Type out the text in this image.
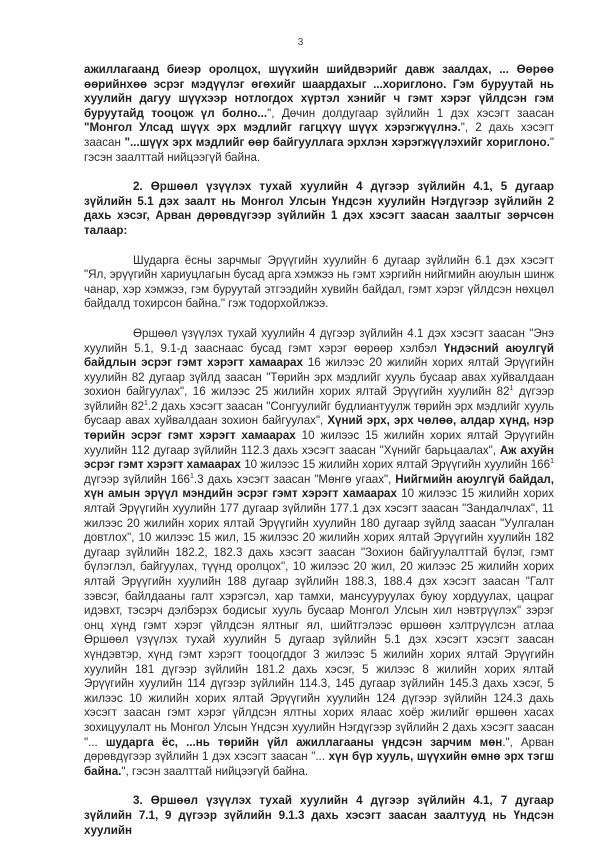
3

ажиллагаанд биеэр оролцох, шүүхийн шийдвэрийг давж заалдах, ... Өөрөө өөрийнхөө эсрэг мэдүүлэг өгөхийг шаардахыг ...хориглоно. Гэм буруутай нь хуулийн дагуу шүүхээр нотлогдох хүртэл хэнийг ч гэмт хэрэг үйлдсэн гэм буруутайд тооцож үл болно...", Дөчин долдугаар зүйлийн 1 дэх хэсэгт заасан "Монгол Улсад шүүх эрх мэдлийг гагцхүү шүүх хэрэгжүүлнэ.", 2 дахь хэсэгт заасан "...шүүх эрх мэдлийг өөр байгууллага эрхлэн хэрэгжүүлэхийг хориглоно." гэсэн заалттай нийцээгүй байна.

2. Өршөөл үзүүлэх тухай хуулийн 4 дүгээр зүйлийн 4.1, 5 дугаар зүйлийн 5.1 дэх заалт нь Монгол Улсын Үндсэн хуулийн Нэгдүгээр зүйлийн 2 дахь хэсэг, Арван дөрөвдүгээр зүйлийн 1 дэх хэсэгт заасан заалтыг зөрчсөн талаар:

Шударга ёсны зарчмыг Эрүүгийн хуулийн 6 дугаар зүйлийн 6.1 дэх хэсэгт "Ял, эрүүгийн хариуцлагын бусад арга хэмжээ нь гэмт хэргийн нийгмийн аюулын шинж чанар, хэр хэмжээ, гэм буруутай этгээдийн хувийн байдал, гэмт хэрэг үйлдсэн нөхцөл байдалд тохирсон байна." гэж тодорхойлжээ.

Өршөөл үзүүлэх тухай хуулийн 4 дүгээр зүйлийн 4.1 дэх хэсэгт заасан "Энэ хуулийн 5.1, 9.1-д зааснаас бусад гэмт хэрэг өөрөөр хэлбэл Үндэсний аюулгүй байдлын эсрэг гэмт хэрэгт хамаарах 16 жилээс 20 жилийн хорих ялтай Эрүүгийн хуулийн 82 дугаар зүйлд заасан "Төрийн эрх мэдлийг хууль бусаар авах хуйвалдаан зохион байгуулах", 16 жилээс 25 жилийн хорих ялтай Эрүүгийн хуулийн $82^1$ дүгээр зүйлийн $82^1.2$ дахь хэсэгт заасан "Сонгуулийг будлиантуулж төрийн эрх мэдлийг хууль бусаар авах хуйвалдаан зохион байгуулах", Хүний эрх, эрх чөлөө, алдар хүнд, нэр төрийн эсрэг гэмт хэрэгт хамаарах 10 жилээс 15 жилийн хорих ялтай Эрүүгийн хуулийн 112 дугаар зүйлийн 112.3 дахь хэсэгт заасан "Хүнийг барьцаалах", Аж ахуйн эсрэг гэмт хэрэгт хамаарах 10 жилээс 15 жилийн хорих ялтай Эрүүгийн хуулийн $166^1$ дүгээр зүйлийн $166^1.3$ дахь хэсэгт заасан "Мөнгө угаах", Нийгмийн аюулгүй байдал, хүн амын эрүүл мэндийн эсрэг гэмт хэрэгт хамаарах 10 жилээс 15 жилийн хорих ялтай Эрүүгийн хуулийн 177 дугаар зүйлийн 177.1 дэх хэсэгт заасан "Зандалчлах", 11 жилээс 20 жилийн хорих ялтай Эрүүгийн хуулийн 180 дугаар зүйлд заасан "Уулгалан довтлох", 10 жилээс 15 жил, 15 жилээс 20 жилийн хорих ялтай Эрүүгийн хуулийн 182 дугаар зүйлийн 182.2, 182.3 дахь хэсэгт заасан "Зохион байгуулалттай бүлэг, гэмт бүлэглэл, байгуулах, түүнд оролцох", 10 жилээс 20 жил, 20 жилээс 25 жилийн хорих ялтай Эрүүгийн хуулийн 188 дугаар зүйлийн 188.3, 188.4 дэх хэсэгт заасан "Галт зэвсэг, байлдааны галт хэрэгсэл, хар тамхи, мансууруулах буюу хордуулах, цацраг идэвхт, тэсэрч дэлбэрэх бодисыг хууль бусаар Монгол Улсын хил нэвтрүүлэх" зэрэг онц хүнд гэмт хэрэг үйлдсэн ялтныг ял, шийтгэлээс өршөөн хэлтрүүлсэн атлаа Өршөөл үзүүлэх тухай хуулийн 5 дугаар зүйлийн 5.1 дэх хэсэгт хэсэгт заасан хүндэвтэр, хүнд гэмт хэрэгт тооцогддог 3 жилээс 5 жилийн хорих ялтай Эрүүгийн хуулийн 181 дүгээр зүйлийн 181.2 дахь хэсэг, 5 жилээс 8 жилийн хорих ялтай Эрүүгийн хуулийн 114 дүгээр зүйлийн 114.3, 145 дугаар зүйлийн 145.3 дахь хэсэг, 5 жилээс 10 жилийн хорих ялтай Эрүүгийн хуулийн 124 дүгээр зүйлийн 124.3 дахь хэсэгт заасан гэмт хэрэг үйлдсэн ялтны хорих ялаас хоёр жилийг өршөөн хасах зохицуулалт нь Монгол Улсын Үндсэн хуулийн Нэгдүгээр зүйлийн 2 дахь хэсэгт заасан "... шударга ёс, ...нь төрийн үйл ажиллагааны үндсэн зарчим мөн.", Арван дөрөвдүгээр зүйлийн 1 дэх хэсэгт заасан "... хүн бүр хууль, шүүхийн өмнө эрх тэгш байна.", гэсэн заалттай нийцээгүй байна.

3. Өршөөл үзүүлэх тухай хуулийн 4 дүгээр зүйлийн 4.1, 7 дугаар зүйлийн 7.1, 9 дүгээр зүйлийн 9.1.3 дахь хэсэгт заасан заалтууд нь Үндсэн хуулийн
